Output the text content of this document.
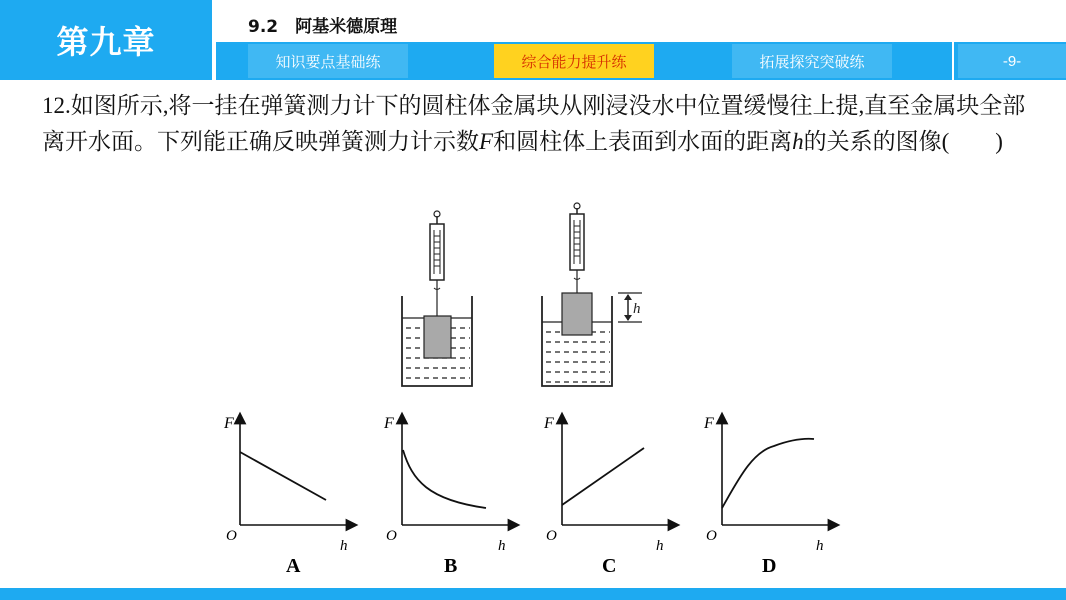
第九章	9.2　阿基米德原理
知识要点基础练	综合能力提升练	拓展探究突破练	-9-
12.如图所示,将一挂在弹簧测力计下的圆柱体金属块从刚浸没水中位置缓慢往上提,直至金属块全部离开水面。下列能正确反映弹簧测力计示数F和圆柱体上表面到水面的距离h的关系的图像(　　)
h
F
O
h
A
F
O
h
B
F
O
h
C
F
O
h
D
